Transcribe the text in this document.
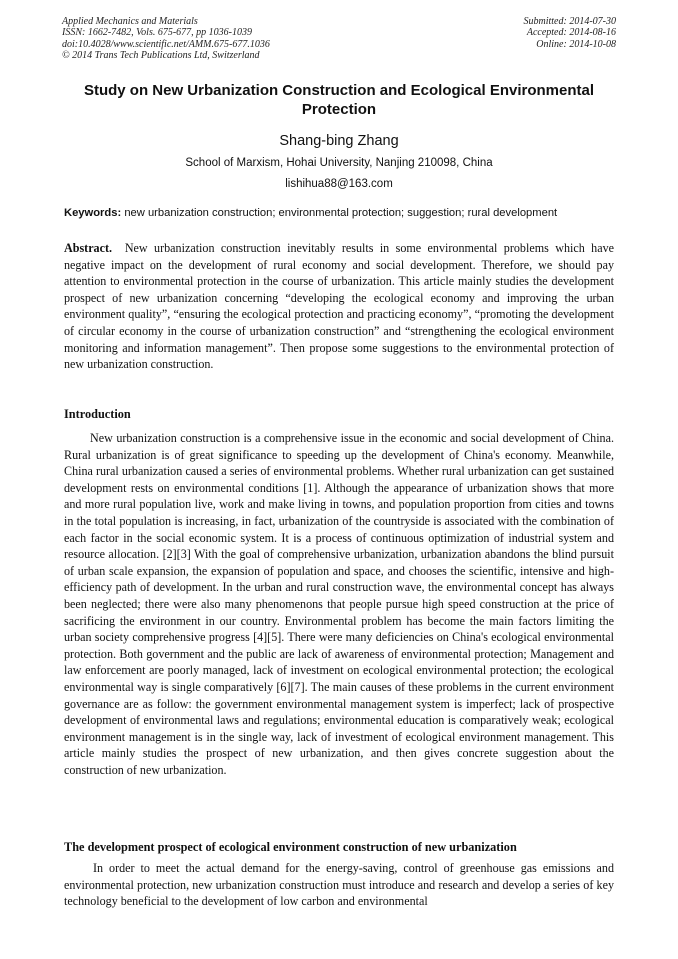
Applied Mechanics and Materials
ISSN: 1662-7482, Vols. 675-677, pp 1036-1039
doi:10.4028/www.scientific.net/AMM.675-677.1036
© 2014 Trans Tech Publications Ltd, Switzerland
Submitted: 2014-07-30
Accepted: 2014-08-16
Online: 2014-10-08
Study on New Urbanization Construction and Ecological Environmental Protection
Shang-bing Zhang
School of Marxism, Hohai University, Nanjing 210098, China
lishihua88@163.com
Keywords: new urbanization construction; environmental protection; suggestion; rural development
Abstract. New urbanization construction inevitably results in some environmental problems which have negative impact on the development of rural economy and social development. Therefore, we should pay attention to environmental protection in the course of urbanization. This article mainly studies the development prospect of new urbanization concerning “developing the ecological economy and improving the urban environment quality”, “ensuring the ecological protection and practicing economy”, “promoting the development of circular economy in the course of urbanization construction” and “strengthening the ecological environment monitoring and information management”. Then propose some suggestions to the environmental protection of new urbanization construction.
Introduction
New urbanization construction is a comprehensive issue in the economic and social development of China. Rural urbanization is of great significance to speeding up the development of China's economy. Meanwhile, China rural urbanization caused a series of environmental problems. Whether rural urbanization can get sustained development rests on environmental conditions [1]. Although the appearance of urbanization shows that more and more rural population live, work and make living in towns, and population proportion from cities and towns in the total population is increasing, in fact, urbanization of the countryside is associated with the combination of each factor in the social economic system. It is a process of continuous optimization of industrial system and resource allocation. [2][3] With the goal of comprehensive urbanization, urbanization abandons the blind pursuit of urban scale expansion, the expansion of population and space, and chooses the scientific, intensive and high-efficiency path of development. In the urban and rural construction wave, the environmental concept has always been neglected; there were also many phenomenons that people pursue high speed construction at the price of sacrificing the environment in our country. Environmental problem has become the main factors limiting the urban society comprehensive progress [4][5]. There were many deficiencies on China's ecological environmental protection. Both government and the public are lack of awareness of environmental protection; Management and law enforcement are poorly managed, lack of investment on ecological environmental protection; the ecological environmental way is single comparatively [6][7]. The main causes of these problems in the current environment governance are as follow: the government environmental management system is imperfect; lack of prospective development of environmental laws and regulations; environmental education is comparatively weak; ecological environment management is in the single way, lack of investment of ecological environment management. This article mainly studies the prospect of new urbanization, and then gives concrete suggestion about the construction of new urbanization.
The development prospect of ecological environment construction of new urbanization
In order to meet the actual demand for the energy-saving, control of greenhouse gas emissions and environmental protection, new urbanization construction must introduce and research and develop a series of key technology beneficial to the development of low carbon and environmental
